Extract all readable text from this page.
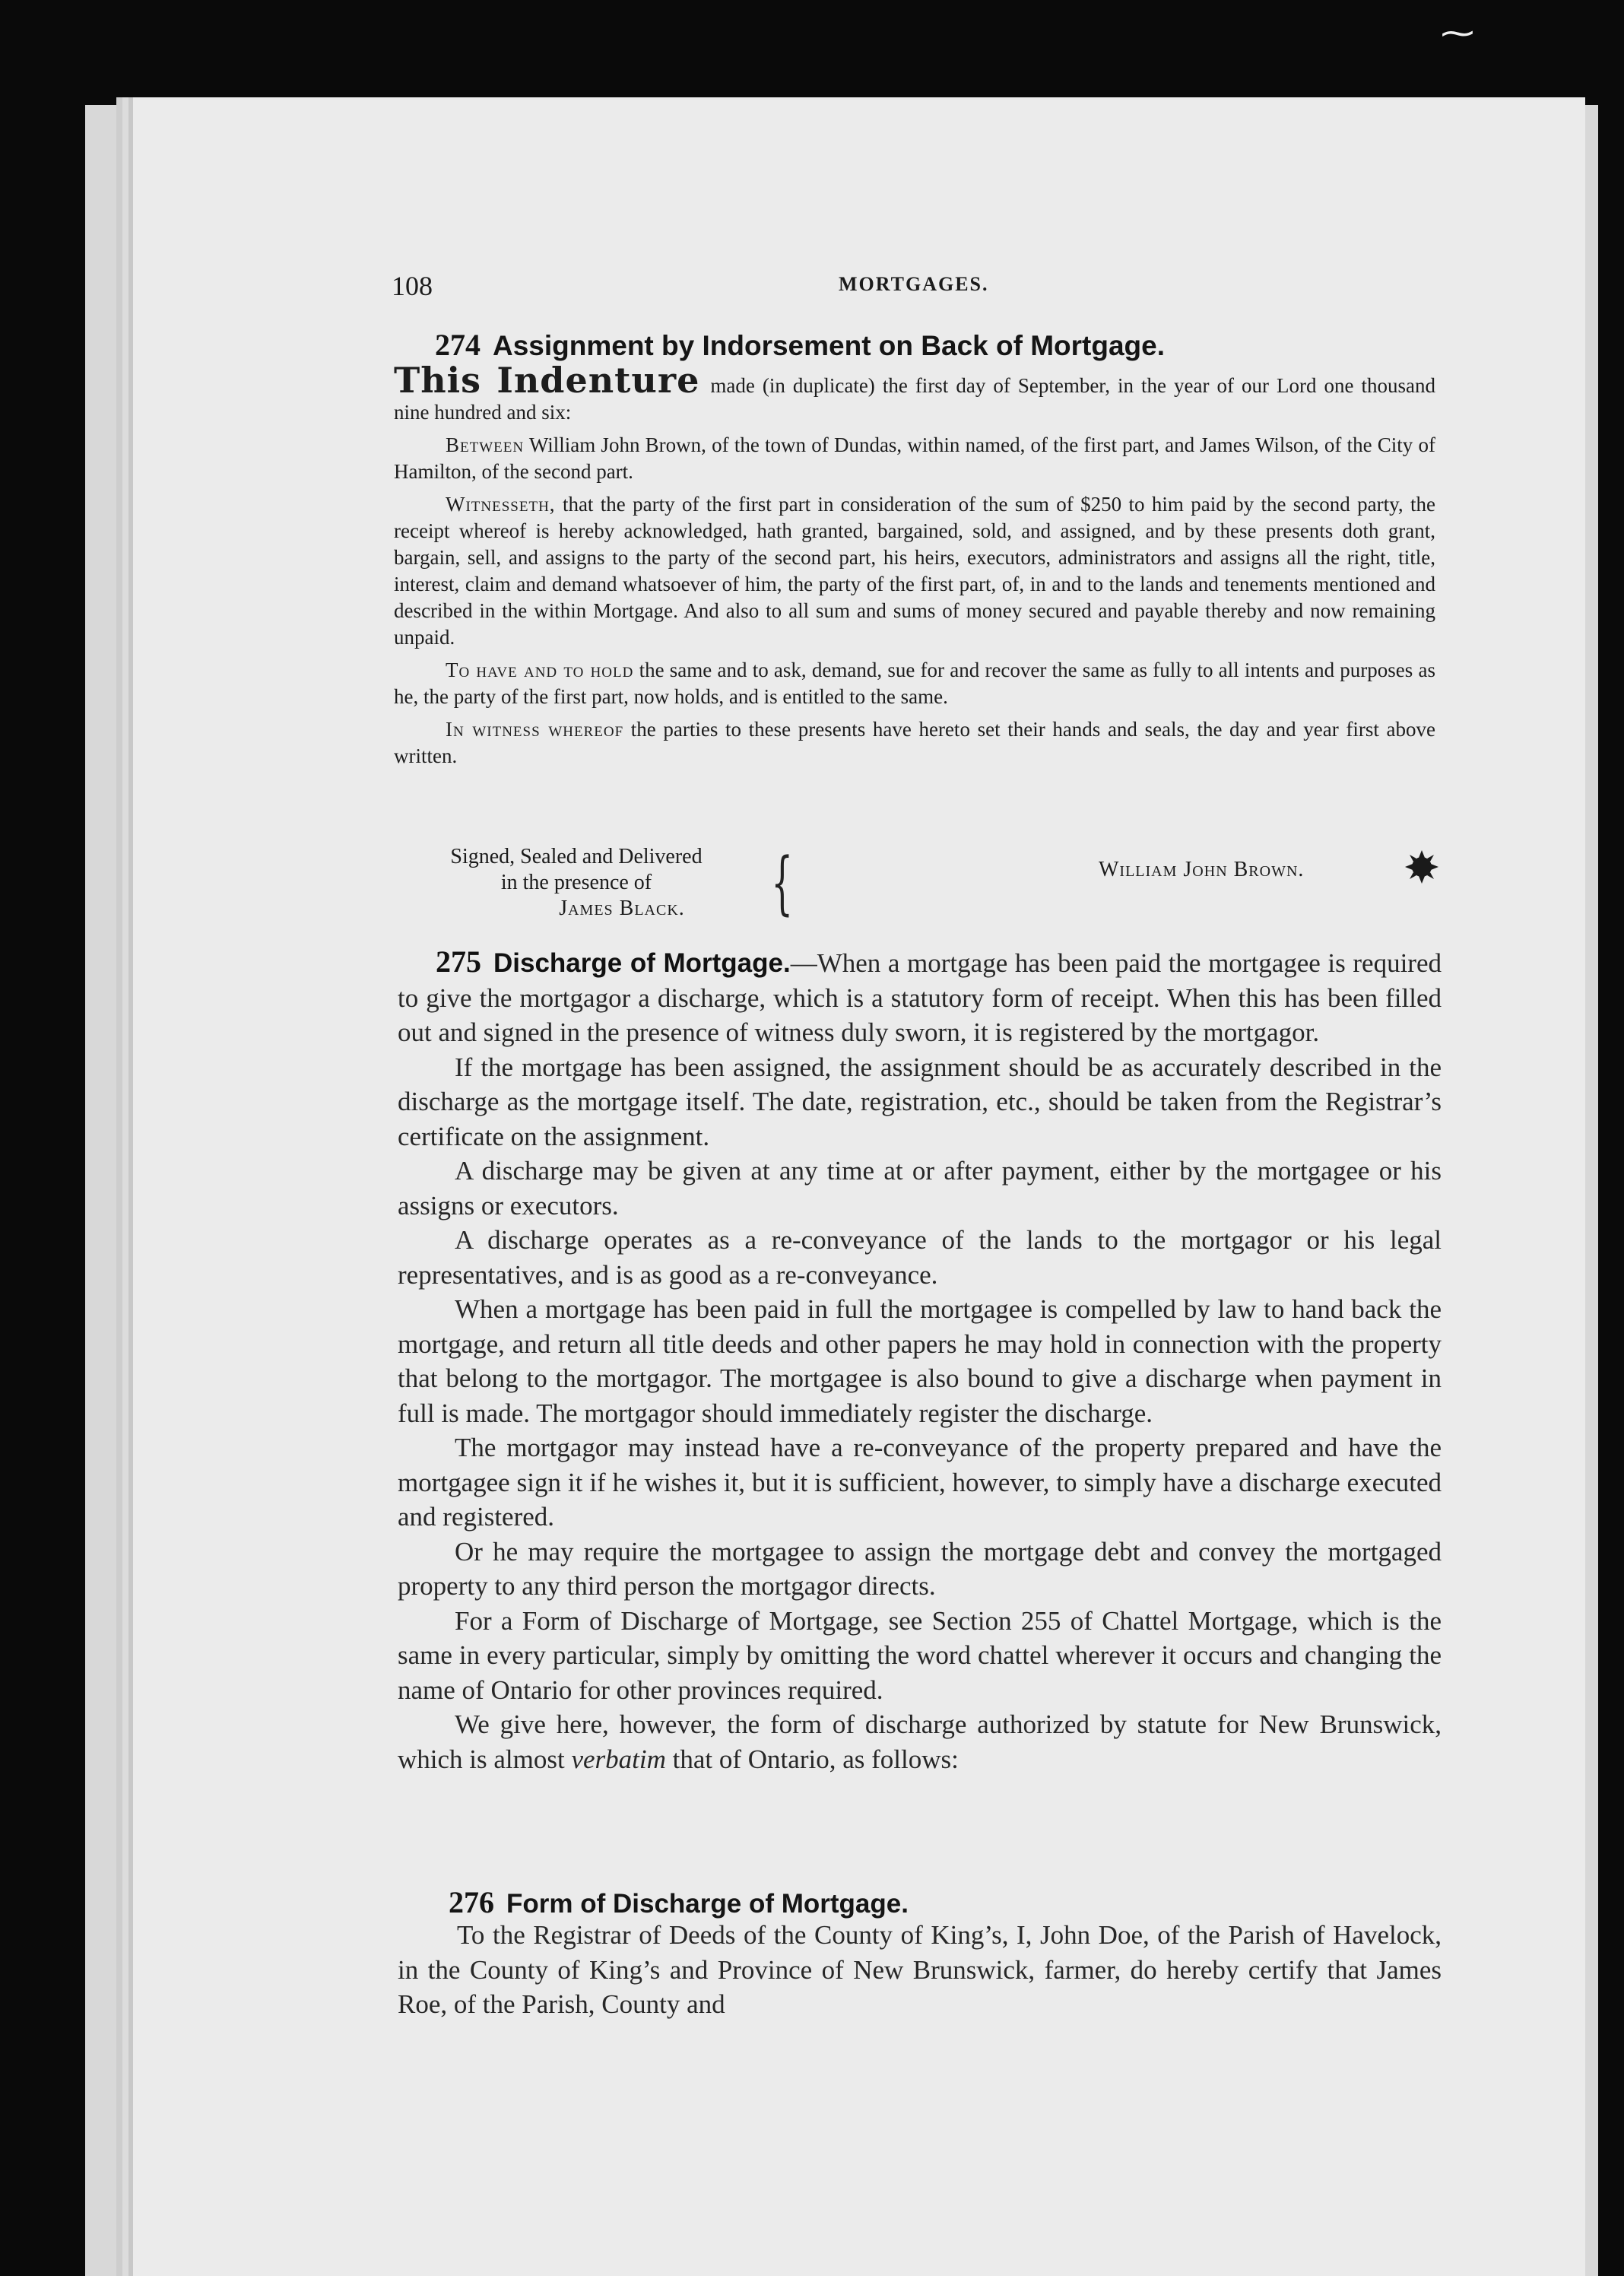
⁓
108	MORTGAGES.
274 Assignment by Indorsement on Back of Mortgage.

This Indenture made (in duplicate) the first day of September, in the year of our Lord one thousand nine hundred and six:

Between William John Brown, of the town of Dundas, within named, of the first part, and James Wilson, of the City of Hamilton, of the second part.

Witnesseth, that the party of the first part in consideration of the sum of $250 to him paid by the second party, the receipt whereof is hereby acknowledged, hath granted, bargained, sold, and assigned, and by these presents doth grant, bargain, sell, and assigns to the party of the second part, his heirs, executors, administrators and assigns all the right, title, interest, claim and demand whatsoever of him, the party of the first part, of, in and to the lands and tenements mentioned and described in the within Mortgage. And also to all sum and sums of money secured and payable thereby and now remaining unpaid.

To have and to hold the same and to ask, demand, sue for and recover the same as fully to all intents and purposes as he, the party of the first part, now holds, and is entitled to the same.

In witness whereof the parties to these presents have hereto set their hands and seals, the day and year first above written.

Signed, Sealed and Delivered
in the presence of
James Black.	{	William John Brown.

275 Discharge of Mortgage.—When a mortgage has been paid the mortgagee is required to give the mortgagor a discharge, which is a statutory form of receipt. When this has been filled out and signed in the presence of witness duly sworn, it is registered by the mortgagor.

If the mortgage has been assigned, the assignment should be as accurately described in the discharge as the mortgage itself. The date, registration, etc., should be taken from the Registrar’s certificate on the assignment.

A discharge may be given at any time at or after payment, either by the mortgagee or his assigns or executors.

A discharge operates as a re-conveyance of the lands to the mortgagor or his legal representatives, and is as good as a re-conveyance.

When a mortgage has been paid in full the mortgagee is compelled by law to hand back the mortgage, and return all title deeds and other papers he may hold in connection with the property that belong to the mortgagor. The mortgagee is also bound to give a discharge when payment in full is made. The mortgagor should immediately register the discharge.

The mortgagor may instead have a re-conveyance of the property prepared and have the mortgagee sign it if he wishes it, but it is sufficient, however, to simply have a discharge executed and registered.

Or he may require the mortgagee to assign the mortgage debt and convey the mortgaged property to any third person the mortgagor directs.

For a Form of Discharge of Mortgage, see Section 255 of Chattel Mortgage, which is the same in every particular, simply by omitting the word chattel wherever it occurs and changing the name of Ontario for other provinces required.

We give here, however, the form of discharge authorized by statute for New Brunswick, which is almost verbatim that of Ontario, as follows:

276 Form of Discharge of Mortgage.

To the Registrar of Deeds of the County of King’s, I, John Doe, of the Parish of Havelock, in the County of King’s and Province of New Brunswick, farmer, do hereby certify that James Roe, of the Parish, County and
